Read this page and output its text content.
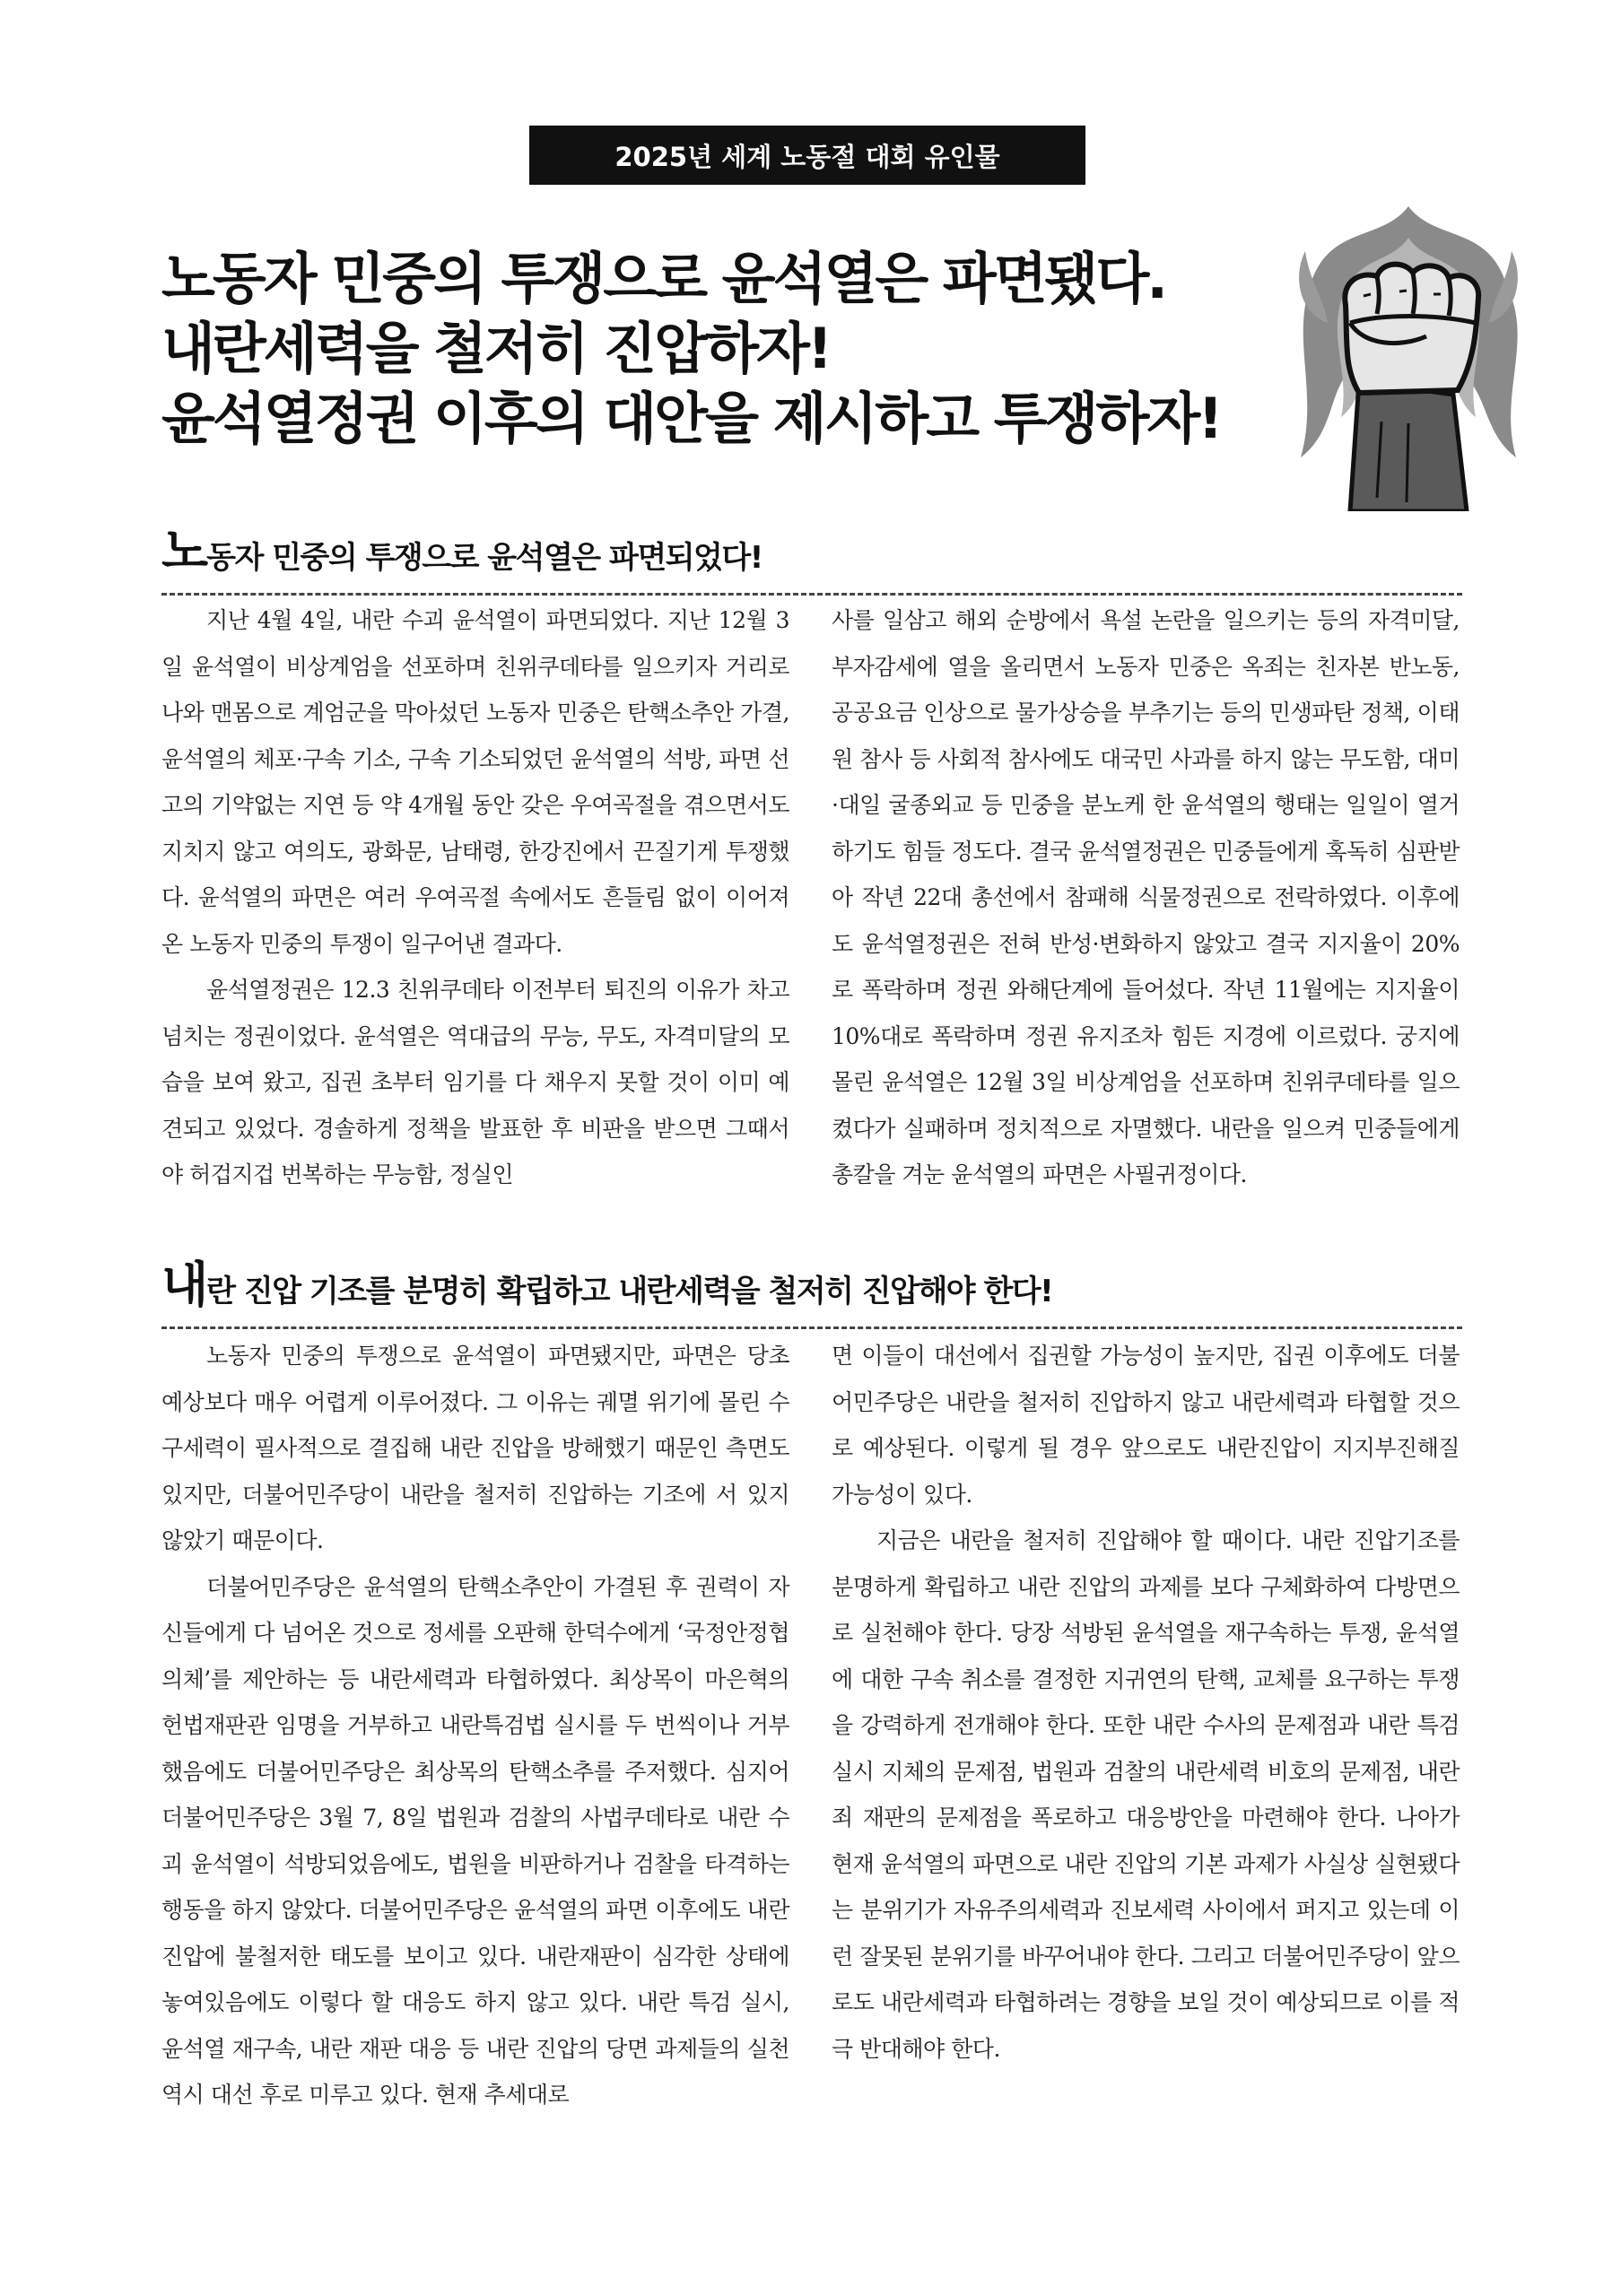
2025년 세계 노동절 대회 유인물
노동자 민중의 투쟁으로 윤석열은 파면됐다.
내란세력을 철저히 진압하자!
윤석열정권 이후의 대안을 제시하고 투쟁하자!
노동자 민중의 투쟁으로 윤석열은 파면되었다!

지난 4월 4일, 내란 수괴 윤석열이 파면되었다. 지난 12월 3일 윤석열이 비상계엄을 선포하며 친위쿠데타를 일으키자 거리로 나와 맨몸으로 계엄군을 막아섰던 노동자 민중은 탄핵소추안 가결, 윤석열의 체포·구속 기소, 구속 기소되었던 윤석열의 석방, 파면 선고의 기약없는 지연 등 약 4개월 동안 갖은 우여곡절을 겪으면서도 지치지 않고 여의도, 광화문, 남태령, 한강진에서 끈질기게 투쟁했다. 윤석열의 파면은 여러 우여곡절 속에서도 흔들림 없이 이어져온 노동자 민중의 투쟁이 일구어낸 결과다.

윤석열정권은 12.3 친위쿠데타 이전부터 퇴진의 이유가 차고 넘치는 정권이었다. 윤석열은 역대급의 무능, 무도, 자격미달의 모습을 보여 왔고, 집권 초부터 임기를 다 채우지 못할 것이 이미 예견되고 있었다. 경솔하게 정책을 발표한 후 비판을 받으면 그때서야 허겁지겁 번복하는 무능함, 정실인

사를 일삼고 해외 순방에서 욕설 논란을 일으키는 등의 자격미달, 부자감세에 열을 올리면서 노동자 민중은 옥죄는 친자본 반노동, 공공요금 인상으로 물가상승을 부추기는 등의 민생파탄 정책, 이태원 참사 등 사회적 참사에도 대국민 사과를 하지 않는 무도함, 대미·대일 굴종외교 등 민중을 분노케 한 윤석열의 행태는 일일이 열거하기도 힘들 정도다. 결국 윤석열정권은 민중들에게 혹독히 심판받아 작년 22대 총선에서 참패해 식물정권으로 전락하였다. 이후에도 윤석열정권은 전혀 반성·변화하지 않았고 결국 지지율이 20%로 폭락하며 정권 와해단계에 들어섰다. 작년 11월에는 지지율이 10%대로 폭락하며 정권 유지조차 힘든 지경에 이르렀다. 궁지에 몰린 윤석열은 12월 3일 비상계엄을 선포하며 친위쿠데타를 일으켰다가 실패하며 정치적으로 자멸했다. 내란을 일으켜 민중들에게 총칼을 겨눈 윤석열의 파면은 사필귀정이다.

내란 진압 기조를 분명히 확립하고 내란세력을 철저히 진압해야 한다!

노동자 민중의 투쟁으로 윤석열이 파면됐지만, 파면은 당초 예상보다 매우 어렵게 이루어졌다. 그 이유는 궤멸 위기에 몰린 수구세력이 필사적으로 결집해 내란 진압을 방해했기 때문인 측면도 있지만, 더불어민주당이 내란을 철저히 진압하는 기조에 서 있지 않았기 때문이다.

더불어민주당은 윤석열의 탄핵소추안이 가결된 후 권력이 자신들에게 다 넘어온 것으로 정세를 오판해 한덕수에게 ‘국정안정협의체’를 제안하는 등 내란세력과 타협하였다. 최상목이 마은혁의 헌법재판관 임명을 거부하고 내란특검법 실시를 두 번씩이나 거부했음에도 더불어민주당은 최상목의 탄핵소추를 주저했다. 심지어 더불어민주당은 3월 7, 8일 법원과 검찰의 사법쿠데타로 내란 수괴 윤석열이 석방되었음에도, 법원을 비판하거나 검찰을 타격하는 행동을 하지 않았다. 더불어민주당은 윤석열의 파면 이후에도 내란 진압에 불철저한 태도를 보이고 있다. 내란재판이 심각한 상태에 놓여있음에도 이렇다 할 대응도 하지 않고 있다. 내란 특검 실시, 윤석열 재구속, 내란 재판 대응 등 내란 진압의 당면 과제들의 실천 역시 대선 후로 미루고 있다. 현재 추세대로

면 이들이 대선에서 집권할 가능성이 높지만, 집권 이후에도 더불어민주당은 내란을 철저히 진압하지 않고 내란세력과 타협할 것으로 예상된다. 이렇게 될 경우 앞으로도 내란진압이 지지부진해질 가능성이 있다.

지금은 내란을 철저히 진압해야 할 때이다. 내란 진압기조를 분명하게 확립하고 내란 진압의 과제를 보다 구체화하여 다방면으로 실천해야 한다. 당장 석방된 윤석열을 재구속하는 투쟁, 윤석열에 대한 구속 취소를 결정한 지귀연의 탄핵, 교체를 요구하는 투쟁을 강력하게 전개해야 한다. 또한 내란 수사의 문제점과 내란 특검 실시 지체의 문제점, 법원과 검찰의 내란세력 비호의 문제점, 내란죄 재판의 문제점을 폭로하고 대응방안을 마련해야 한다. 나아가 현재 윤석열의 파면으로 내란 진압의 기본 과제가 사실상 실현됐다는 분위기가 자유주의세력과 진보세력 사이에서 퍼지고 있는데 이런 잘못된 분위기를 바꾸어내야 한다. 그리고 더불어민주당이 앞으로도 내란세력과 타협하려는 경향을 보일 것이 예상되므로 이를 적극 반대해야 한다.
